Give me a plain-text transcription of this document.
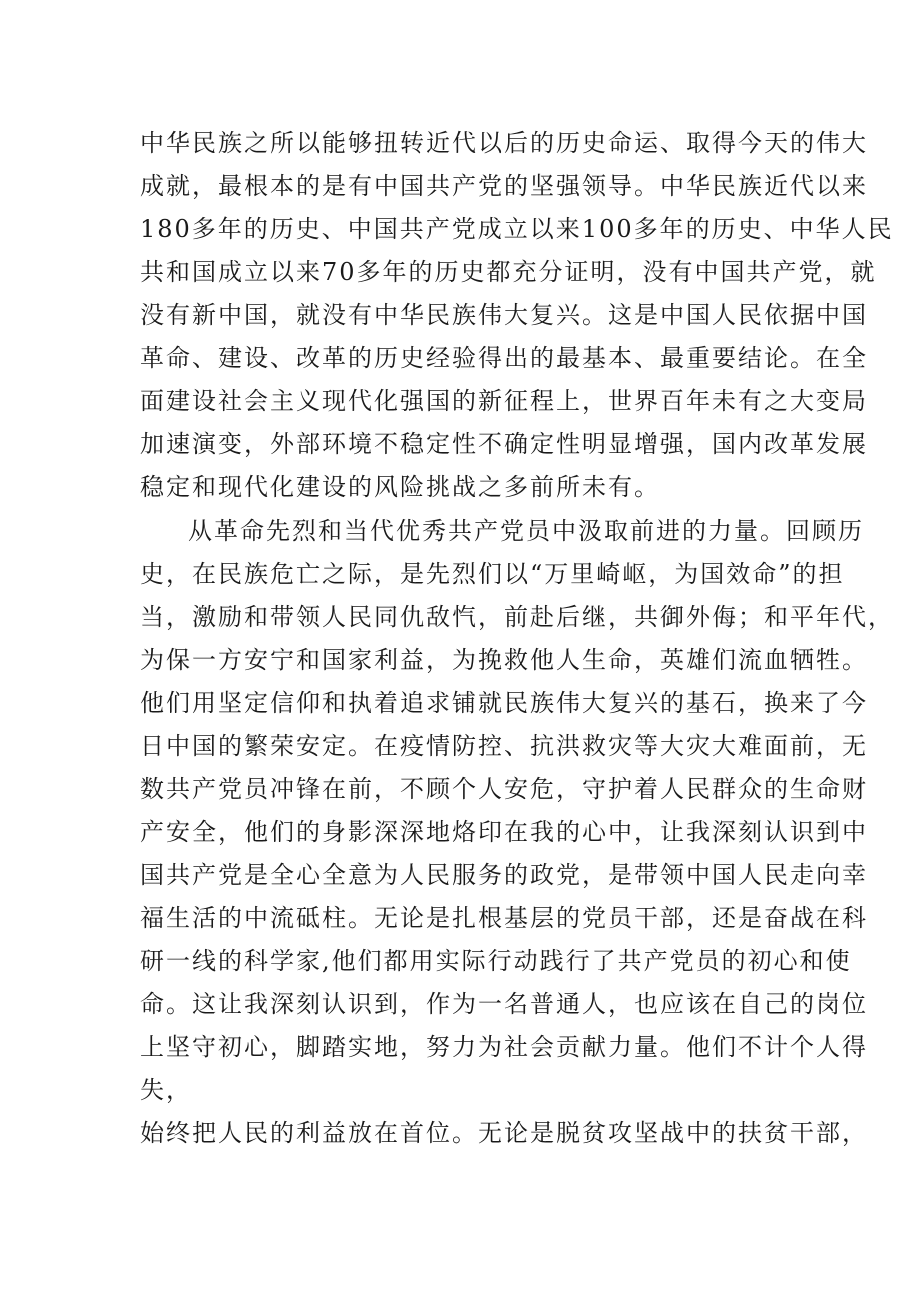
中华民族之所以能够扭转近代以后的历史命运、取得今天的伟大
成就，最根本的是有中国共产党的坚强领导。中华民族近代以来
180多年的历史、中国共产党成立以来100多年的历史、中华人民
共和国成立以来70多年的历史都充分证明，没有中国共产党，就
没有新中国，就没有中华民族伟大复兴。这是中国人民依据中国
革命、建设、改革的历史经验得出的最基本、最重要结论。在全
面建设社会主义现代化强国的新征程上，世界百年未有之大变局
加速演变，外部环境不稳定性不确定性明显增强，国内改革发展
稳定和现代化建设的风险挑战之多前所未有。
从革命先烈和当代优秀共产党员中汲取前进的力量。回顾历
史，在民族危亡之际，是先烈们以“万里崎岖，为国效命”的担
当，激励和带领人民同仇敌忾，前赴后继，共御外侮；和平年代，
为保一方安宁和国家利益，为挽救他人生命，英雄们流血牺牲。
他们用坚定信仰和执着追求铺就民族伟大复兴的基石，换来了今
日中国的繁荣安定。在疫情防控、抗洪救灾等大灾大难面前，无
数共产党员冲锋在前，不顾个人安危，守护着人民群众的生命财
产安全，他们的身影深深地烙印在我的心中，让我深刻认识到中
国共产党是全心全意为人民服务的政党，是带领中国人民走向幸
福生活的中流砥柱。无论是扎根基层的党员干部，还是奋战在科
研一线的科学家,他们都用实际行动践行了共产党员的初心和使
命。这让我深刻认识到，作为一名普通人，也应该在自己的岗位
上坚守初心，脚踏实地，努力为社会贡献力量。他们不计个人得
失，
始终把人民的利益放在首位。无论是脱贫攻坚战中的扶贫干部，
